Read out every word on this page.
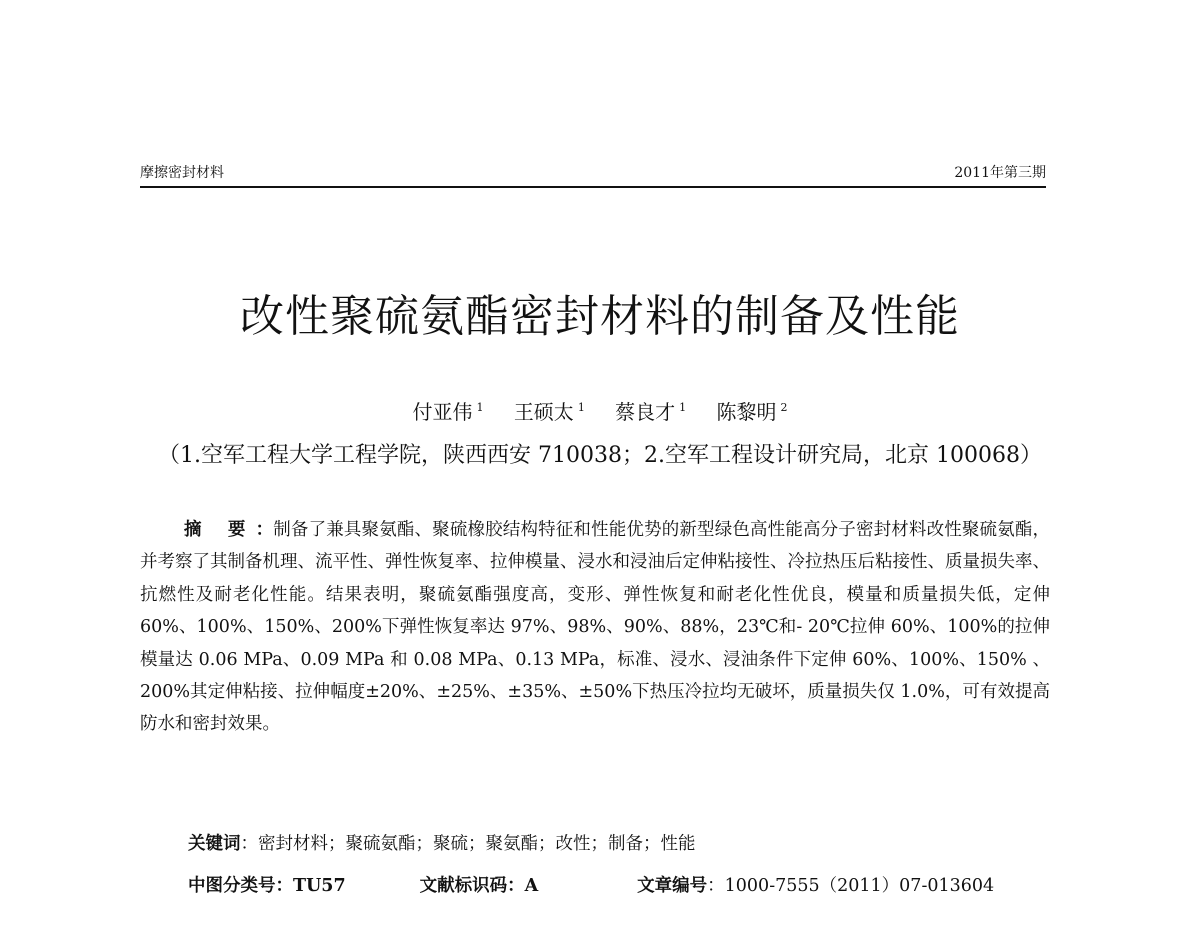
摩擦密封材料	2011年第三期
改性聚硫氨酯密封材料的制备及性能
付亚伟 $^1$ 王硕太 $^1$ 蔡良才 $^1$ 陈黎明 $^2$
（1.空军工程大学工程学院，陕西西安 710038；2.空军工程设计研究局，北京 100068）
摘 要：制备了兼具聚氨酯、聚硫橡胶结构特征和性能优势的新型绿色高性能高分子密封材料改性聚硫氨酯，并考察了其制备机理、流平性、弹性恢复率、拉伸模量、浸水和浸油后定伸粘接性、冷拉热压后粘接性、质量损失率、抗燃性及耐老化性能。结果表明，聚硫氨酯强度高，变形、弹性恢复和耐老化性优良，模量和质量损失低，定伸 60%、100%、150%、200%下弹性恢复率达 97%、98%、90%、88%，23℃和- 20℃拉伸 60%、100%的拉伸模量达 0.06 MPa、0.09 MPa 和 0.08 MPa、0.13 MPa，标准、浸水、浸油条件下定伸 60%、100%、150% 、200%其定伸粘接、拉伸幅度±20%、±25%、±35%、±50%下热压冷拉均无破坏，质量损失仅 1.0%，可有效提高防水和密封效果。
关键词：密封材料；聚硫氨酯；聚硫；聚氨酯；改性；制备；性能
中图分类号：TU57	文献标识码：A	文章编号：1000-7555（2011）07-013604
